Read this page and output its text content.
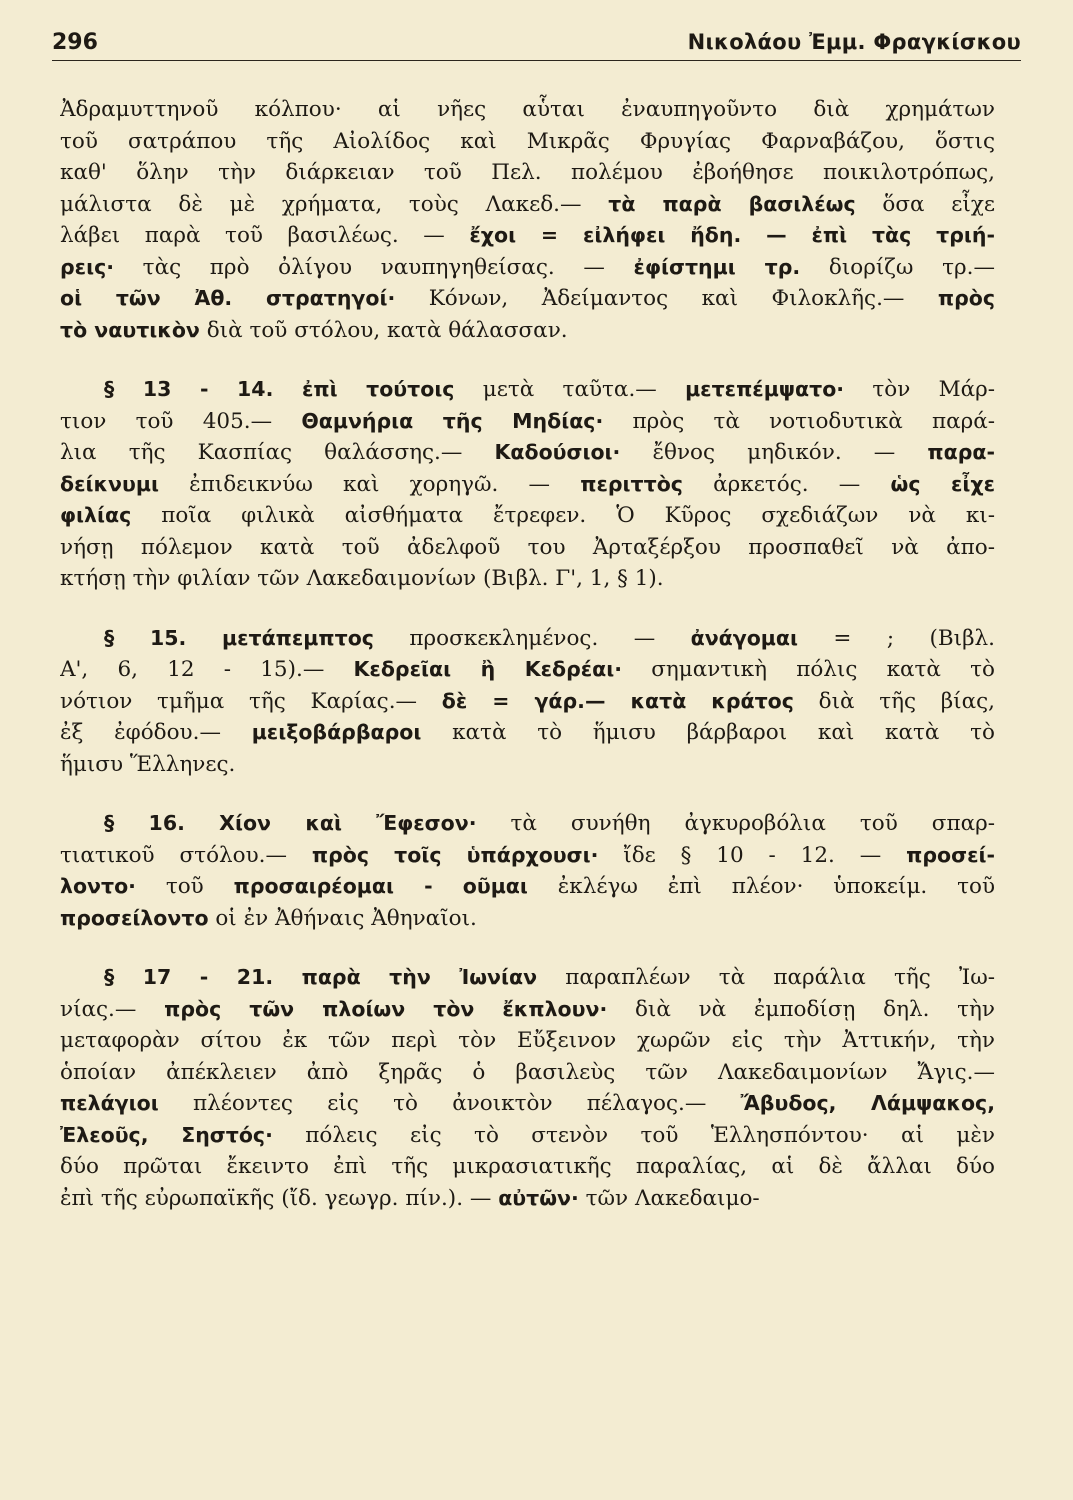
296	Νικολάου Ἐμμ. Φραγκίσκου
Ἀδραμυττηνοῦ κόλπου· αἱ νῆες αὗται ἐναυπηγοῦντο διὰ χρημάτων
τοῦ σατράπου τῆς Αἰολίδος καὶ Μικρᾶς Φρυγίας Φαρναβάζου, ὅστις
καθ' ὅλην τὴν διάρκειαν τοῦ Πελ. πολέμου ἐβοήθησε ποικιλοτρόπως,
μάλιστα δὲ μὲ χρήματα, τοὺς Λακεδ.— τὰ παρὰ βασιλέως ὅσα εἶχε
λάβει παρὰ τοῦ βασιλέως. — ἔχοι = εἰλήφει ἤδη. — ἐπὶ τὰς τριή-
ρεις· τὰς πρὸ ὀλίγου ναυπηγηθείσας. — ἐφίστημι τρ. διορίζω τρ.—
οἱ τῶν Ἀθ. στρατηγοί· Κόνων, Ἀδείμαντος καὶ Φιλοκλῆς.— πρὸς
τὸ ναυτικὸν διὰ τοῦ στόλου, κατὰ θάλασσαν.
§ 13 - 14. ἐπὶ τούτοις μετὰ ταῦτα.— μετεπέμψατο· τὸν Μάρ-
τιον τοῦ 405.— Θαμνήρια τῆς Μηδίας· πρὸς τὰ νοτιοδυτικὰ παρά-
λια τῆς Κασπίας θαλάσσης.— Καδούσιοι· ἔθνος μηδικόν. — παρα-
δείκνυμι ἐπιδεικνύω καὶ χορηγῶ. — περιττὸς ἀρκετός. — ὡς εἶχε
φιλίας ποῖα φιλικὰ αἰσθήματα ἔτρεφεν. Ὁ Κῦρος σχεδιάζων νὰ κι-
νήσῃ πόλεμον κατὰ τοῦ ἀδελφοῦ του Ἀρταξέρξου προσπαθεῖ νὰ ἀπο-
κτήσῃ τὴν φιλίαν τῶν Λακεδαιμονίων (Βιβλ. Γ', 1, § 1).
§ 15. μετάπεμπτος προσκεκλημένος. — ἀνάγομαι = ; (Βιβλ.
Α', 6, 12 - 15).— Κεδρεῖαι ἢ Κεδρέαι· σημαντικὴ πόλις κατὰ τὸ
νότιον τμῆμα τῆς Καρίας.— δὲ = γάρ.— κατὰ κράτος διὰ τῆς βίας,
ἐξ ἐφόδου.— μειξοβάρβαροι κατὰ τὸ ἥμισυ βάρβαροι καὶ κατὰ τὸ
ἥμισυ Ἕλληνες.
§ 16. Χίον καὶ Ἔφεσον· τὰ συνήθη ἀγκυροβόλια τοῦ σπαρ-
τιατικοῦ στόλου.— πρὸς τοῖς ὑπάρχουσι· ἴδε § 10 - 12. — προσεί-
λοντο· τοῦ προσαιρέομαι - οῦμαι ἐκλέγω ἐπὶ πλέον· ὑποκείμ. τοῦ
προσείλοντο οἱ ἐν Ἀθήναις Ἀθηναῖοι.
§ 17 - 21. παρὰ τὴν Ἰωνίαν παραπλέων τὰ παράλια τῆς Ἰω-
νίας.— πρὸς τῶν πλοίων τὸν ἔκπλουν· διὰ νὰ ἐμποδίσῃ δηλ. τὴν
μεταφορὰν σίτου ἐκ τῶν περὶ τὸν Εὔξεινον χωρῶν εἰς τὴν Ἀττικήν, τὴν
ὁποίαν ἀπέκλειεν ἀπὸ ξηρᾶς ὁ βασιλεὺς τῶν Λακεδαιμονίων Ἄγις.—
πελάγιοι πλέοντες εἰς τὸ ἀνοικτὸν πέλαγος.— Ἄβυδος, Λάμψακος,
Ἐλεοῦς, Σηστός· πόλεις εἰς τὸ στενὸν τοῦ Ἑλλησπόντου· αἱ μὲν
δύο πρῶται ἔκειντο ἐπὶ τῆς μικρασιατικῆς παραλίας, αἱ δὲ ἄλλαι δύο
ἐπὶ τῆς εὐρωπαϊκῆς (ἴδ. γεωγρ. πίν.). — αὐτῶν· τῶν Λακεδαιμο-
